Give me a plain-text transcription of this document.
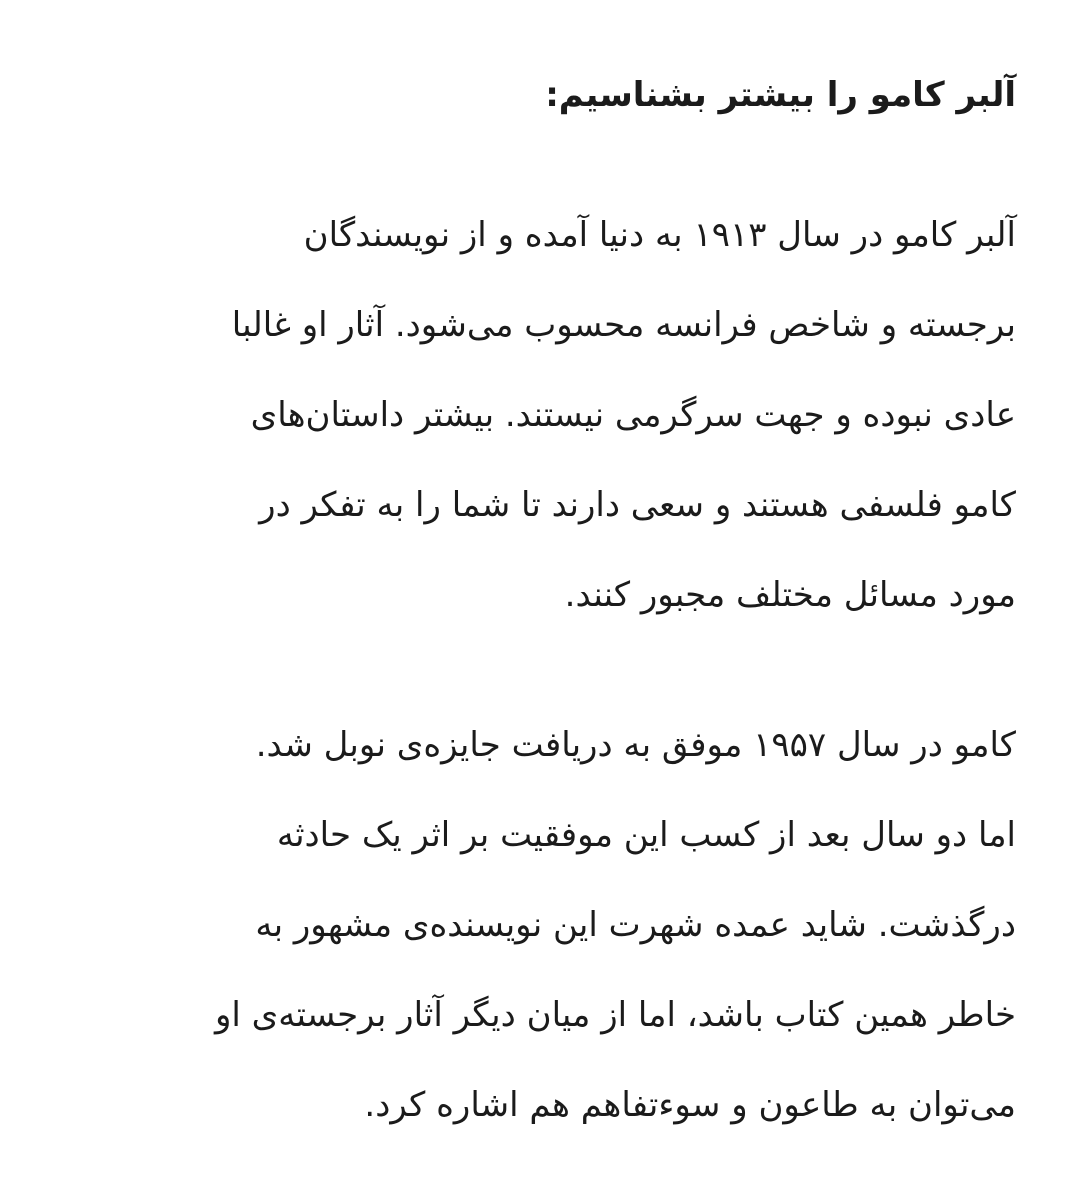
آلبر کامو را بیشتر بشناسیم:

آلبر کامو در سال ۱۹۱۳ به دنیا آمده و از نویسندگان
برجسته و شاخص فرانسه محسوب می‌شود. آثار او غالبا
عادی نبوده و جهت سرگرمی نیستند. بیشتر داستان‌های
کامو فلسفی هستند و سعی دارند تا شما را به تفکر در
مورد مسائل مختلف مجبور کنند.

کامو در سال ۱۹۵۷ موفق به دریافت جایزه‌ی نوبل شد.
اما دو سال بعد از کسب این موفقیت بر اثر یک حادثه
درگذشت. شاید عمده شهرت این نویسنده‌ی مشهور به
خاطر همین کتاب باشد، اما از میان دیگر آثار برجسته‌ی او
می‌توان به طاعون و سوءتفاهم هم اشاره کرد.
